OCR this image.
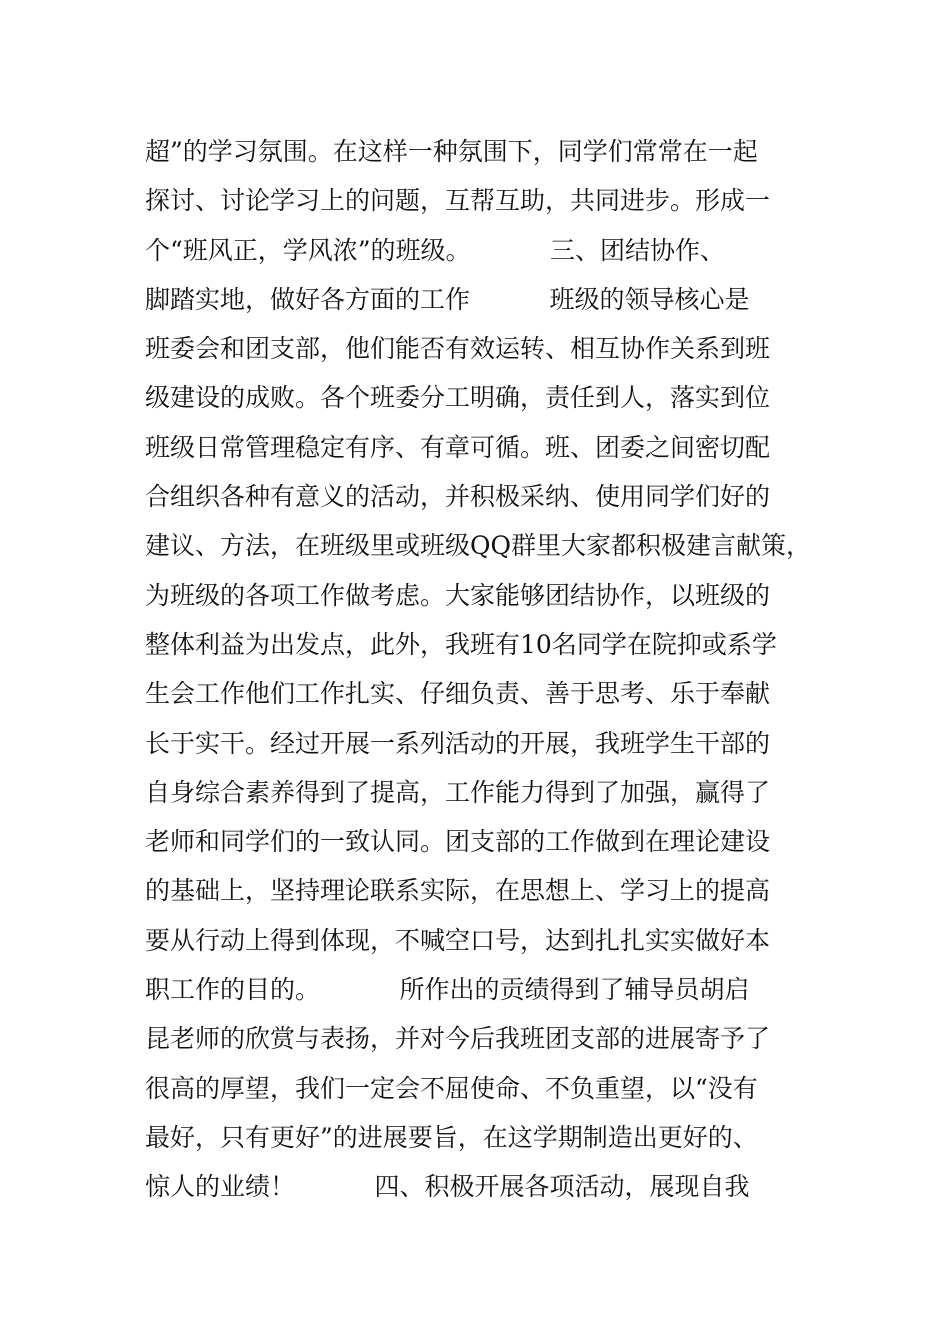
超”的学习氛围。在这样一种氛围下，同学们常常在一起
探讨、讨论学习上的问题，互帮互助，共同进步。形成一
个“班风正，学风浓”的班级。          三、团结协作、
脚踏实地，做好各方面的工作          班级的领导核心是
班委会和团支部，他们能否有效运转、相互协作关系到班
级建设的成败。各个班委分工明确，责任到人，落实到位
班级日常管理稳定有序、有章可循。班、团委之间密切配
合组织各种有意义的活动，并积极采纳、使用同学们好的
建议、方法，在班级里或班级QQ群里大家都积极建言献策，
为班级的各项工作做考虑。大家能够团结协作，以班级的
整体利益为出发点，此外，我班有10名同学在院抑或系学
生会工作他们工作扎实、仔细负责、善于思考、乐于奉献
长于实干。经过开展一系列活动的开展，我班学生干部的
自身综合素养得到了提高，工作能力得到了加强，赢得了
老师和同学们的一致认同。团支部的工作做到在理论建设
的基础上，坚持理论联系实际，在思想上、学习上的提高
要从行动上得到体现，不喊空口号，达到扎扎实实做好本
职工作的目的。          所作出的贡绩得到了辅导员胡启
昆老师的欣赏与表扬，并对今后我班团支部的进展寄予了
很高的厚望，我们一定会不屈使命、不负重望，以“没有
最好，只有更好”的进展要旨，在这学期制造出更好的、
惊人的业绩！          四、积极开展各项活动，展现自我
